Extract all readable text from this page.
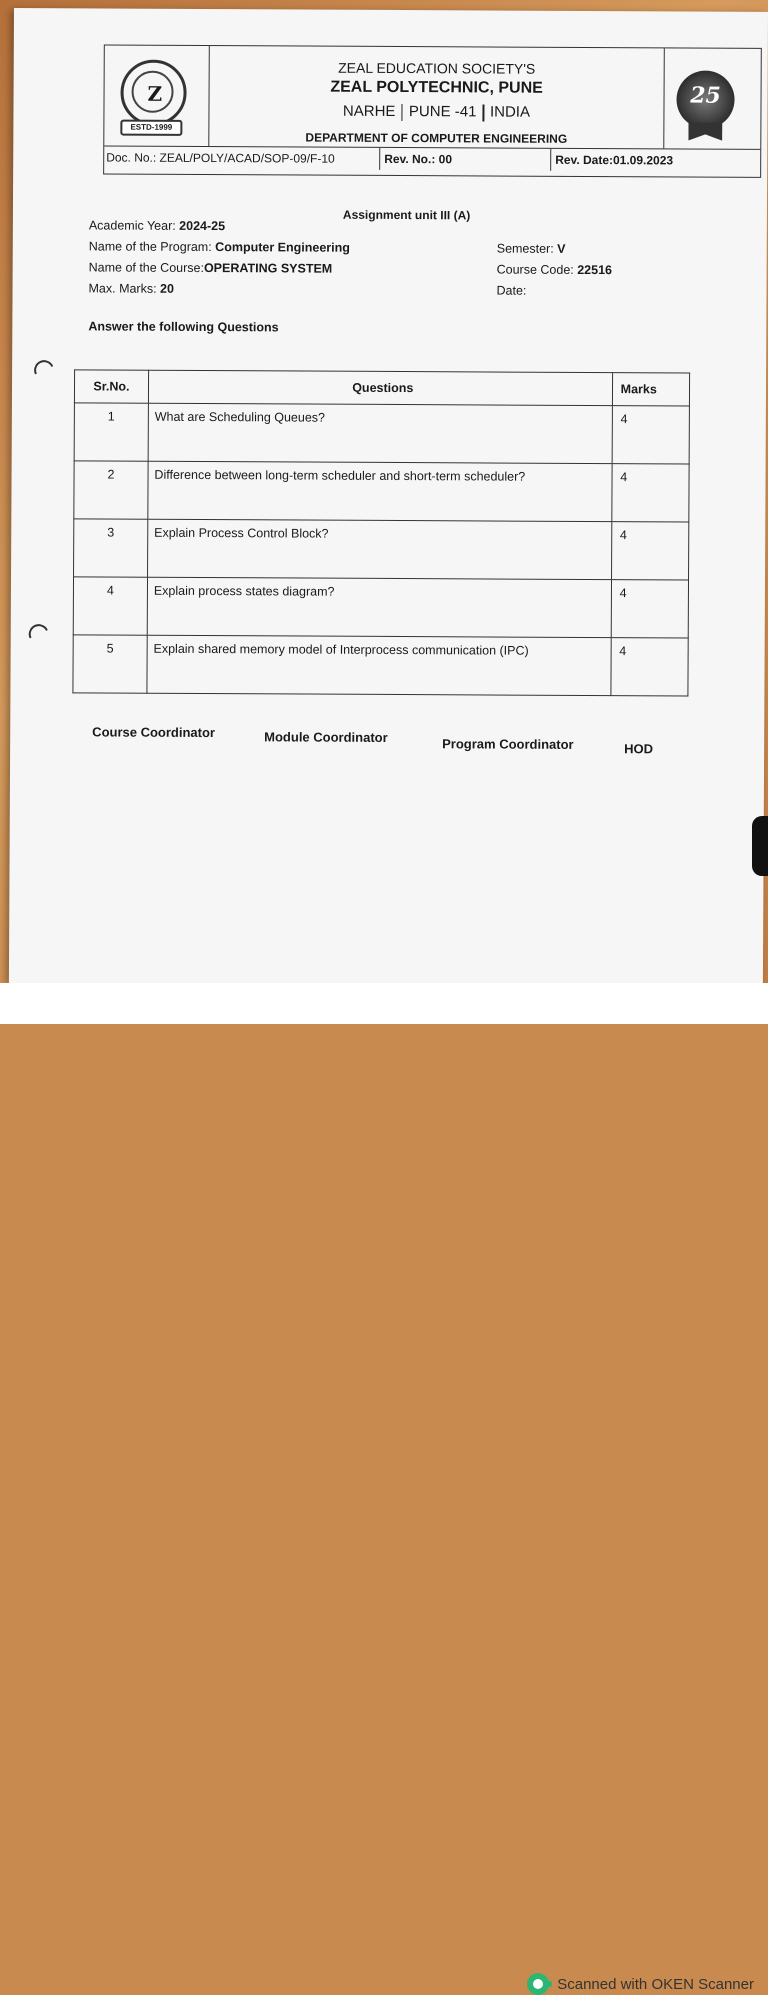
Z
ESTD-1999
ZEAL EDUCATION SOCIETY'S
ZEAL POLYTECHNIC, PUNE
NARHE PUNE -41 INDIA
DEPARTMENT OF COMPUTER ENGINEERING
25
Doc. No.: ZEAL/POLY/ACAD/SOP-09/F-10	Rev. No.: 00	Rev. Date:01.09.2023
Assignment unit III (A)
Academic Year: 2024-25
Name of the Program: Computer Engineering
Name of the Course:OPERATING SYSTEM
Max. Marks: 20
Semester: V
Course Code: 22516
Date:
Answer the following Questions
Sr.No.	Questions	Marks
1	What are Scheduling Queues?	4
2	Difference between long-term scheduler and short-term scheduler?	4
3	Explain Process Control Block?	4
4	Explain process states diagram?	4
5	Explain shared memory model of Interprocess communication (IPC)	4
Course Coordinator	Module Coordinator	Program Coordinator	HOD
Scanned with OKEN Scanner
